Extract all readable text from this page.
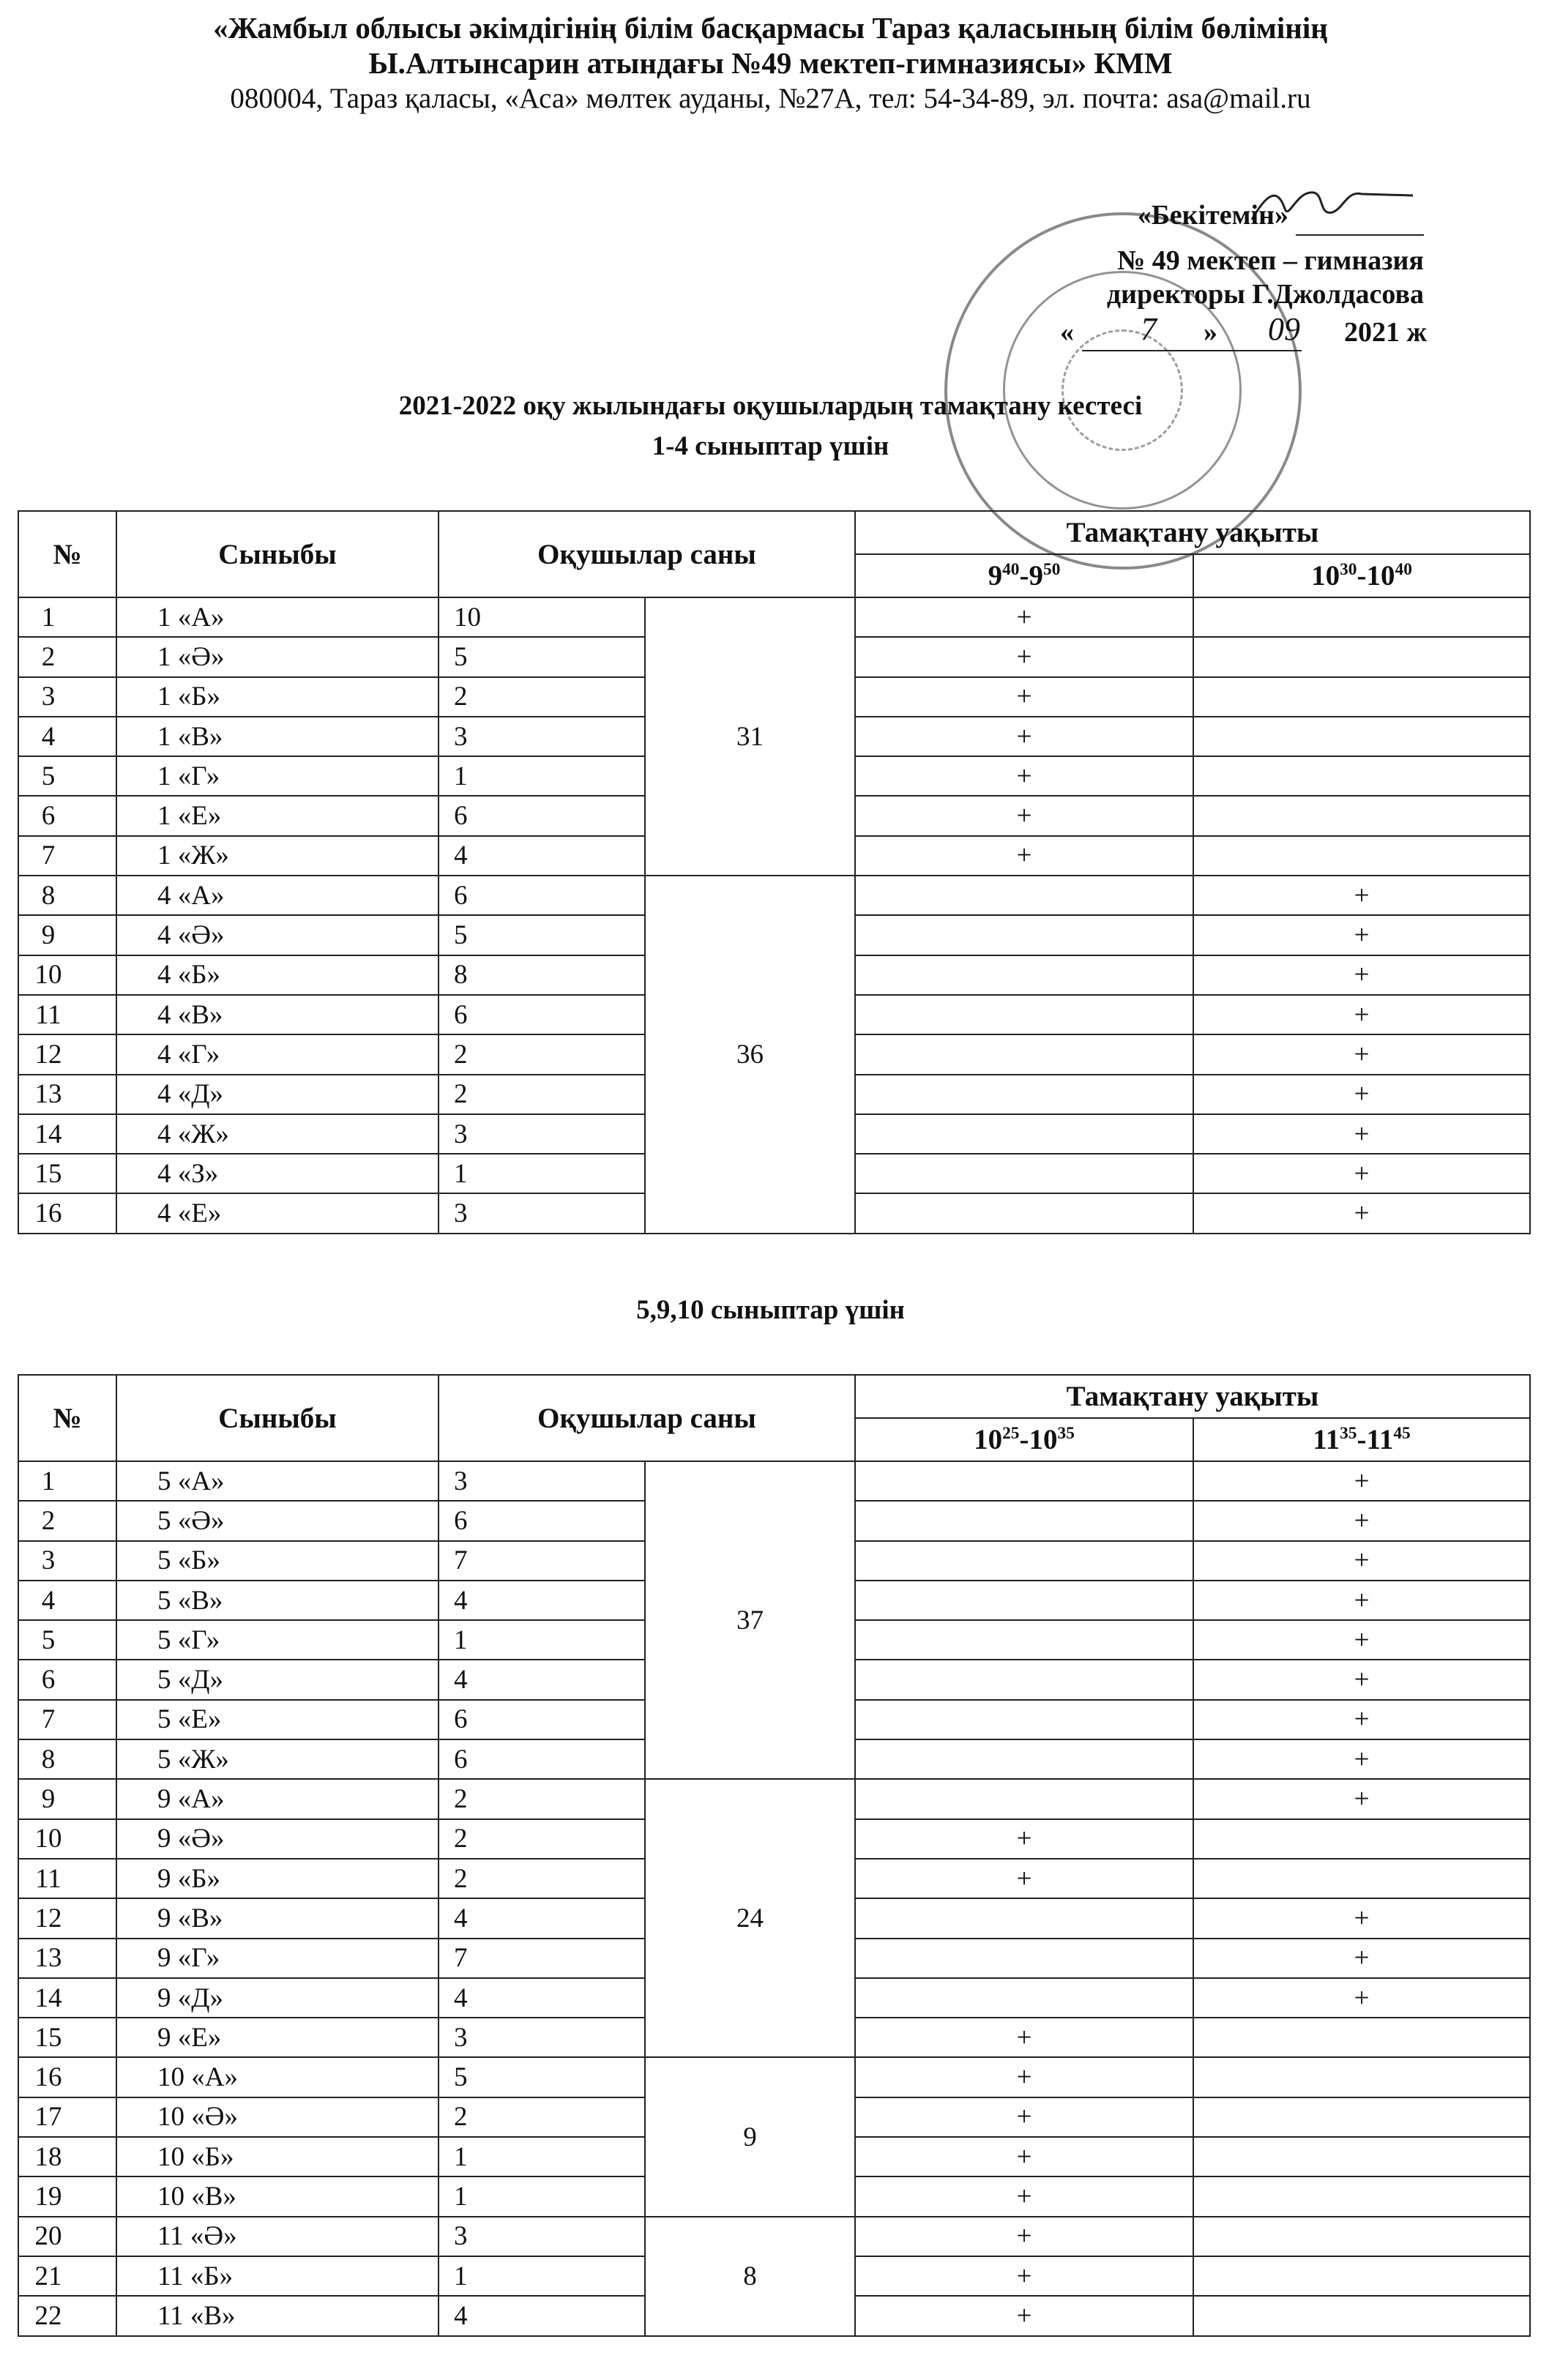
«Жамбыл облысы әкімдігінің білім басқармасы Тараз қаласының білім бөлімінің
Ы.Алтынсарин атындағы №49 мектеп-гимназиясы» КММ
080004, Тараз қаласы, «Аса» мөлтек ауданы, №27А, тел: 54-34-89, эл. почта: asa@mail.ru
«Бекітемін»
№ 49 мектеп – гимназия
директоры Г.Джолдасова
«	7	»	09	2021 ж
2021-2022 оқу жылындағы оқушылардың тамақтану кестесі
1-4 сыныптар үшін
5,9,10 сыныптар үшін
№	Сыныбы	Оқушылар саны		Тамақтану уақыты	
				$9^{40}-9^{50}$	$10^{30}-10^{40}$

1	1 «А»	10	31	+	

2	1 «Ә»	5		+	

3	1 «Б»	2		+	

4	1 «В»	3		+	

5	1 «Г»	1		+	

6	1 «Е»	6		+	

7	1 «Ж»	4		+	

8	4 «А»	6	36		+

9	4 «Ә»	5			+

10	4 «Б»	8			+

11	4 «В»	6			+

12	4 «Г»	2			+

13	4 «Д»	2			+

14	4 «Ж»	3			+

15	4 «З»	1			+

16	4 «Е»	3			+
№	Сыныбы	Оқушылар саны		Тамақтану уақыты	
				$10^{25}-10^{35}$	$11^{35}-11^{45}$

1	5 «А»	3	37		+

2	5 «Ә»	6			+

3	5 «Б»	7			+

4	5 «В»	4			+

5	5 «Г»	1			+

6	5 «Д»	4			+

7	5 «Е»	6			+

8	5 «Ж»	6			+

9	9 «А»	2	24		+

10	9 «Ә»	2		+	

11	9 «Б»	2		+	

12	9 «В»	4			+

13	9 «Г»	7			+

14	9 «Д»	4			+

15	9 «Е»	3		+	

16	10 «А»	5	9	+	

17	10 «Ә»	2		+	

18	10 «Б»	1		+	

19	10 «В»	1		+	

20	11 «Ә»	3	8	+	

21	11 «Б»	1		+	

22	11 «В»	4		+	
